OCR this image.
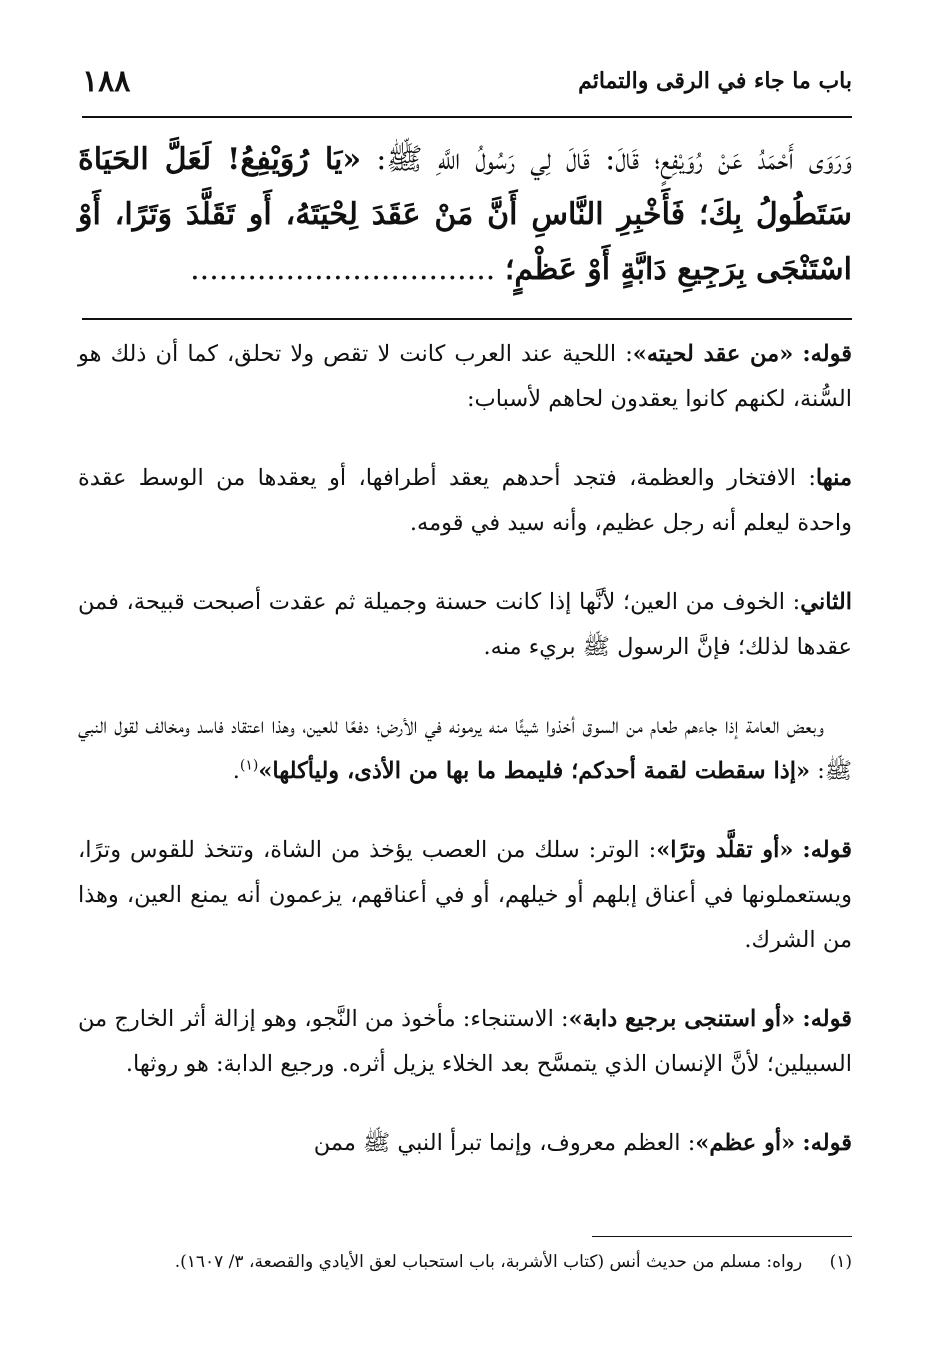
باب ما جاء في الرقى والتمائم
١٨٨
وَرَوَى أَحْمَدُ عَنْ رُوَيْفِعٍ؛ قَالَ: قَالَ لِي رَسُولُ اللَّهِ ﷺ: «يَا رُوَيْفِعُ! لَعَلَّ الحَيَاةَ سَتَطُولُ بِكَ؛ فَأَخْبِرِ النَّاسِ أَنَّ مَنْ عَقَدَ لِحْيَتَهُ، أَو تَقَلَّدَ وَتَرًا، أَوْ اسْتَنْجَى بِرَجِيعِ دَابَّةٍ أَوْ عَظْمٍ؛ ................................

قوله: «من عقد لحيته»: اللحية عند العرب كانت لا تقص ولا تحلق، كما أن ذلك هو السُّنة، لكنهم كانوا يعقدون لحاهم لأسباب:

منها: الافتخار والعظمة، فتجد أحدهم يعقد أطرافها، أو يعقدها من الوسط عقدة واحدة ليعلم أنه رجل عظيم، وأنه سيد في قومه.

الثاني: الخوف من العين؛ لأنَّها إذا كانت حسنة وجميلة ثم عقدت أصبحت قبيحة، فمن عقدها لذلك؛ فإنَّ الرسول ﷺ بريء منه.

وبعض العامة إذا جاءهم طعام من السوق أخذوا شيئًا منه يرمونه في الأرض؛ دفعًا للعين، وهذا اعتقاد فاسد ومخالف لقول النبي ﷺ: «إذا سقطت لقمة أحدكم؛ فليمط ما بها من الأذى، وليأكلها»$^{(١)}$.

قوله: «أو تقلَّد وترًا»: الوتر: سلك من العصب يؤخذ من الشاة، وتتخذ للقوس وترًا، ويستعملونها في أعناق إبلهم أو خيلهم، أو في أعناقهم، يزعمون أنه يمنع العين، وهذا من الشرك.

قوله: «أو استنجى برجيع دابة»: الاستنجاء: مأخوذ من النَّجو، وهو إزالة أثر الخارج من السبيلين؛ لأنَّ الإنسان الذي يتمسَّح بعد الخلاء يزيل أثره. ورجيع الدابة: هو روثها.

قوله: «أو عظم»: العظم معروف، وإنما تبرأ النبي ﷺ ممن

(١) رواه: مسلم من حديث أنس (كتاب الأشربة، باب استحباب لعق الأيادي والقصعة، ٣/ ١٦٠٧).
